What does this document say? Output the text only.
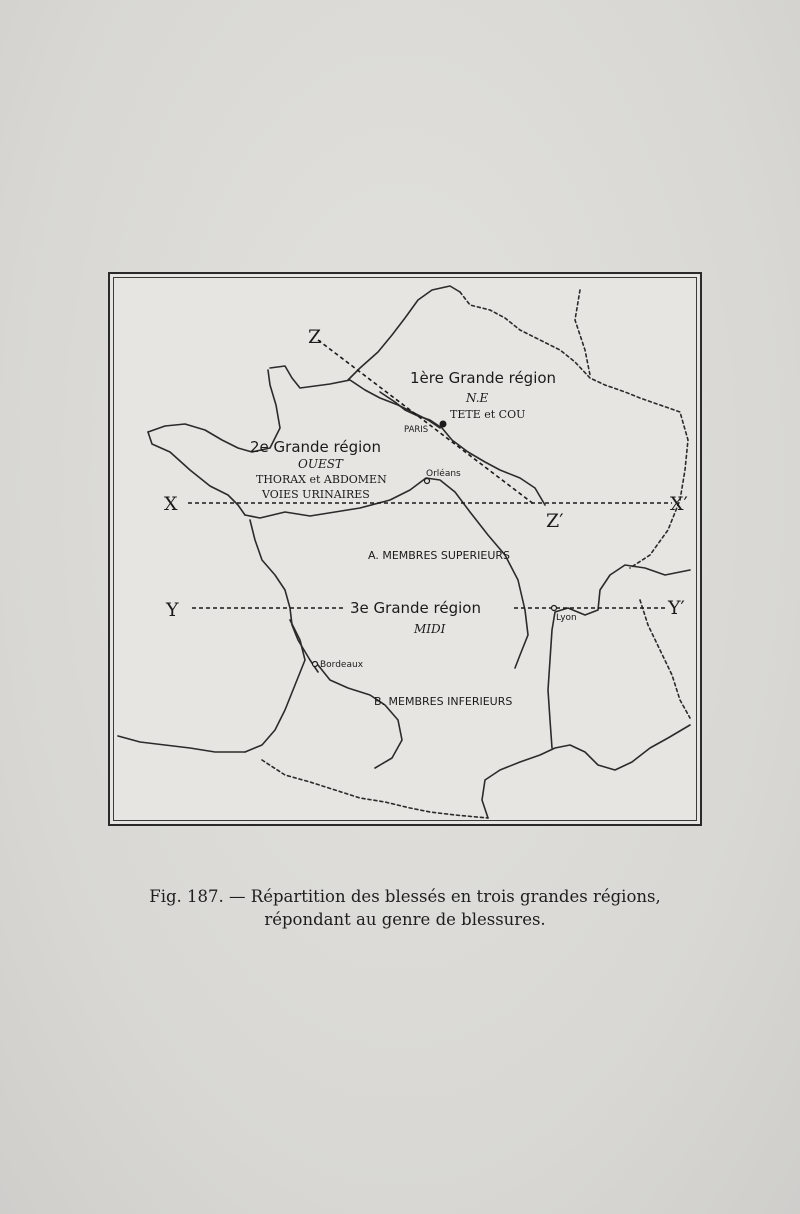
Z
Z′
X	X′
Y	Y′
1ère Grande région
N.E
TETE et COU
2e Grande région
OUEST
THORAX et ABDOMEN
VOIES URINAIRES
3e Grande région
MIDI
A. MEMBRES SUPERIEURS
B. MEMBRES INFERIEURS
PARIS
Orléans
Lyon
Bordeaux
Fig. 187. — Répartition des blessés en trois grandes régions,
répondant au genre de blessures.
